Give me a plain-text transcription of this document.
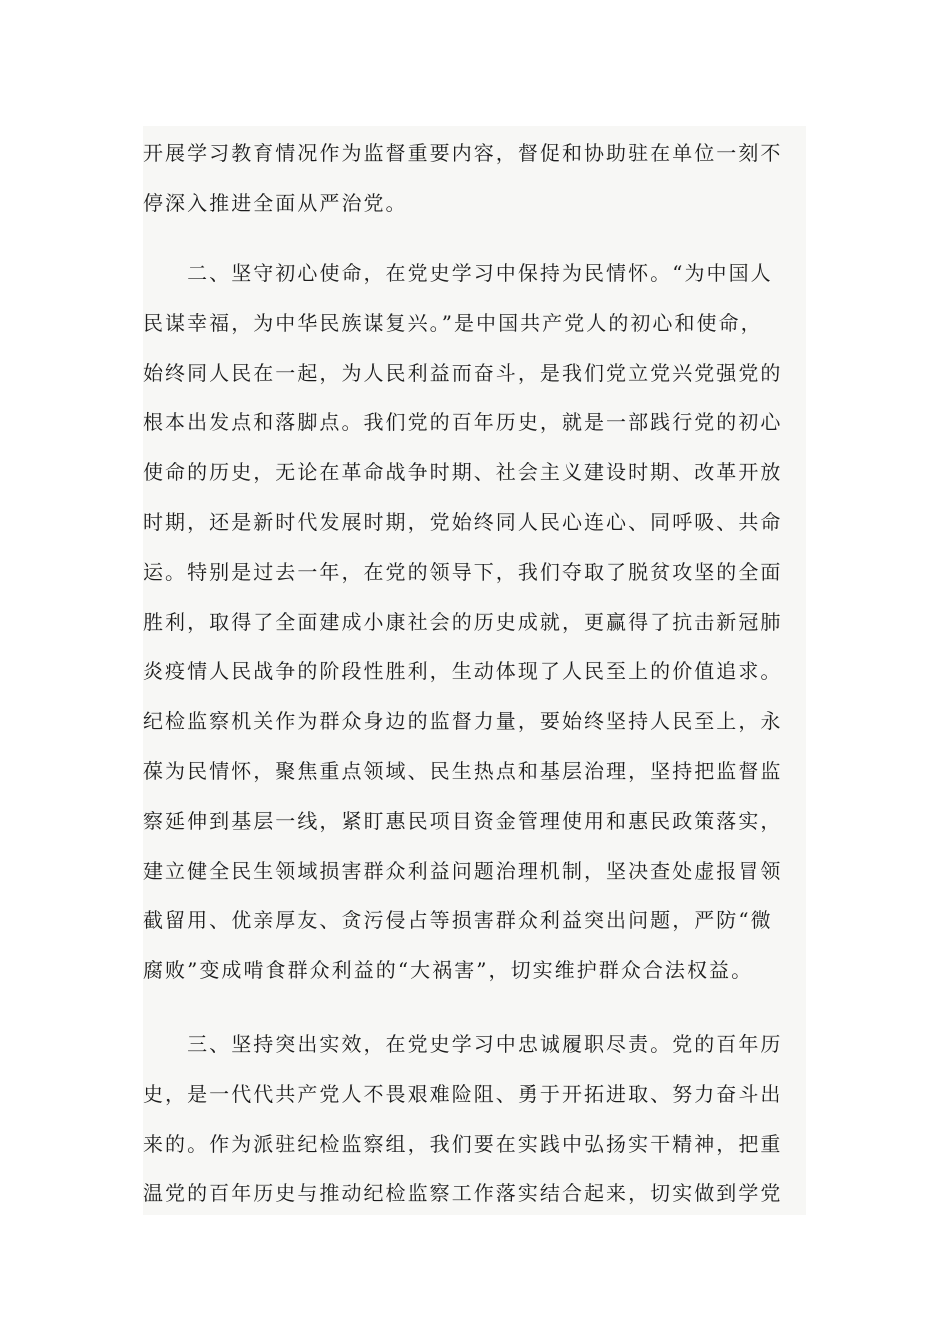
开展学习教育情况作为监督重要内容，督促和协助驻在单位一刻不
停深入推进全面从严治党。
　　二、坚守初心使命，在党史学习中保持为民情怀。“为中国人
民谋幸福，为中华民族谋复兴。”是中国共产党人的初心和使命，
始终同人民在一起，为人民利益而奋斗，是我们党立党兴党强党的
根本出发点和落脚点。我们党的百年历史，就是一部践行党的初心
使命的历史，无论在革命战争时期、社会主义建设时期、改革开放
时期，还是新时代发展时期，党始终同人民心连心、同呼吸、共命
运。特别是过去一年，在党的领导下，我们夺取了脱贫攻坚的全面
胜利，取得了全面建成小康社会的历史成就，更赢得了抗击新冠肺
炎疫情人民战争的阶段性胜利，生动体现了人民至上的价值追求。
纪检监察机关作为群众身边的监督力量，要始终坚持人民至上，永
葆为民情怀，聚焦重点领域、民生热点和基层治理，坚持把监督监
察延伸到基层一线，紧盯惠民项目资金管理使用和惠民政策落实，
建立健全民生领域损害群众利益问题治理机制，坚决查处虚报冒领
截留用、优亲厚友、贪污侵占等损害群众利益突出问题，严防“微
腐败”变成啃食群众利益的“大祸害”，切实维护群众合法权益。
　　三、坚持突出实效，在党史学习中忠诚履职尽责。党的百年历
史，是一代代共产党人不畏艰难险阻、勇于开拓进取、努力奋斗出
来的。作为派驻纪检监察组，我们要在实践中弘扬实干精神，把重
温党的百年历史与推动纪检监察工作落实结合起来，切实做到学党
